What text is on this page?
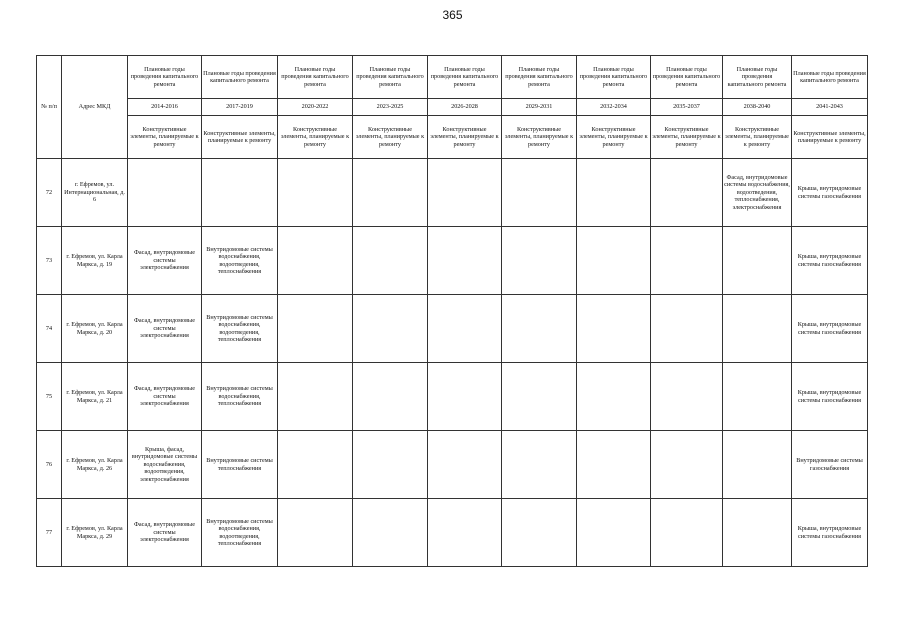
365
№ п/п	Адрес МКД	Плановые годы проведения капитального ремонта	Плановые годы проведения капитального ремонта	Плановые годы проведения капитального ремонта	Плановые годы проведения капитального ремонта	Плановые годы проведения капитального ремонта	Плановые годы проведения капитального ремонта	Плановые годы проведения капитального ремонта	Плановые годы проведения капитального ремонта	Плановые годы проведения капитального ремонта	Плановые годы проведения капитального ремонта
		2014-2016	2017-2019	2020-2022	2023-2025	2026-2028	2029-2031	2032-2034	2035-2037	2038-2040	2041-2043
		Конструктивные элементы, планируемые к ремонту	Конструктивные элементы, планируемые к ремонту	Конструктивные элементы, планируемые к ремонту	Конструктивные элементы, планируемые к ремонту	Конструктивные элементы, планируемые к ремонту	Конструктивные элементы, планируемые к ремонту	Конструктивные элементы, планируемые к ремонту	Конструктивные элементы, планируемые к ремонту	Конструктивные элементы, планируемые к ремонту	Конструктивные элементы, планируемые к ремонту
72	г. Ефремов, ул. Интернациональная, д. 6									Фасад, внутридомовые системы водоснабжения, водоотведения, теплоснабжения, электроснабжения	Крыша, внутридомовые системы газоснабжения
73	г. Ефремов, ул. Карла Маркса, д. 19	Фасад, внутридомовые системы электроснабжения	Внутридомовые системы водоснабжения, водоотведения, теплоснабжения								Крыша, внутридомовые системы газоснабжения
74	г. Ефремов, ул. Карла Маркса, д. 20	Фасад, внутридомовые системы электроснабжения	Внутридомовые системы водоснабжения, водоотведения, теплоснабжения								Крыша, внутридомовые системы газоснабжения
75	г. Ефремов, ул. Карла Маркса, д. 21	Фасад, внутридомовые системы электроснабжения	Внутридомовые системы водоснабжения, теплоснабжения								Крыша, внутридомовые системы газоснабжения
76	г. Ефремов, ул. Карла Маркса, д. 26	Крыша, фасад, внутридомовые системы водоснабжения, водоотведения, электроснабжения	Внутридомовые системы теплоснабжения								Внутридомовые системы газоснабжения
77	г. Ефремов, ул. Карла Маркса, д. 29	Фасад, внутридомовые системы электроснабжения	Внутридомовые системы водоснабжения, водоотведения, теплоснабжения								Крыша, внутридомовые системы газоснабжения
